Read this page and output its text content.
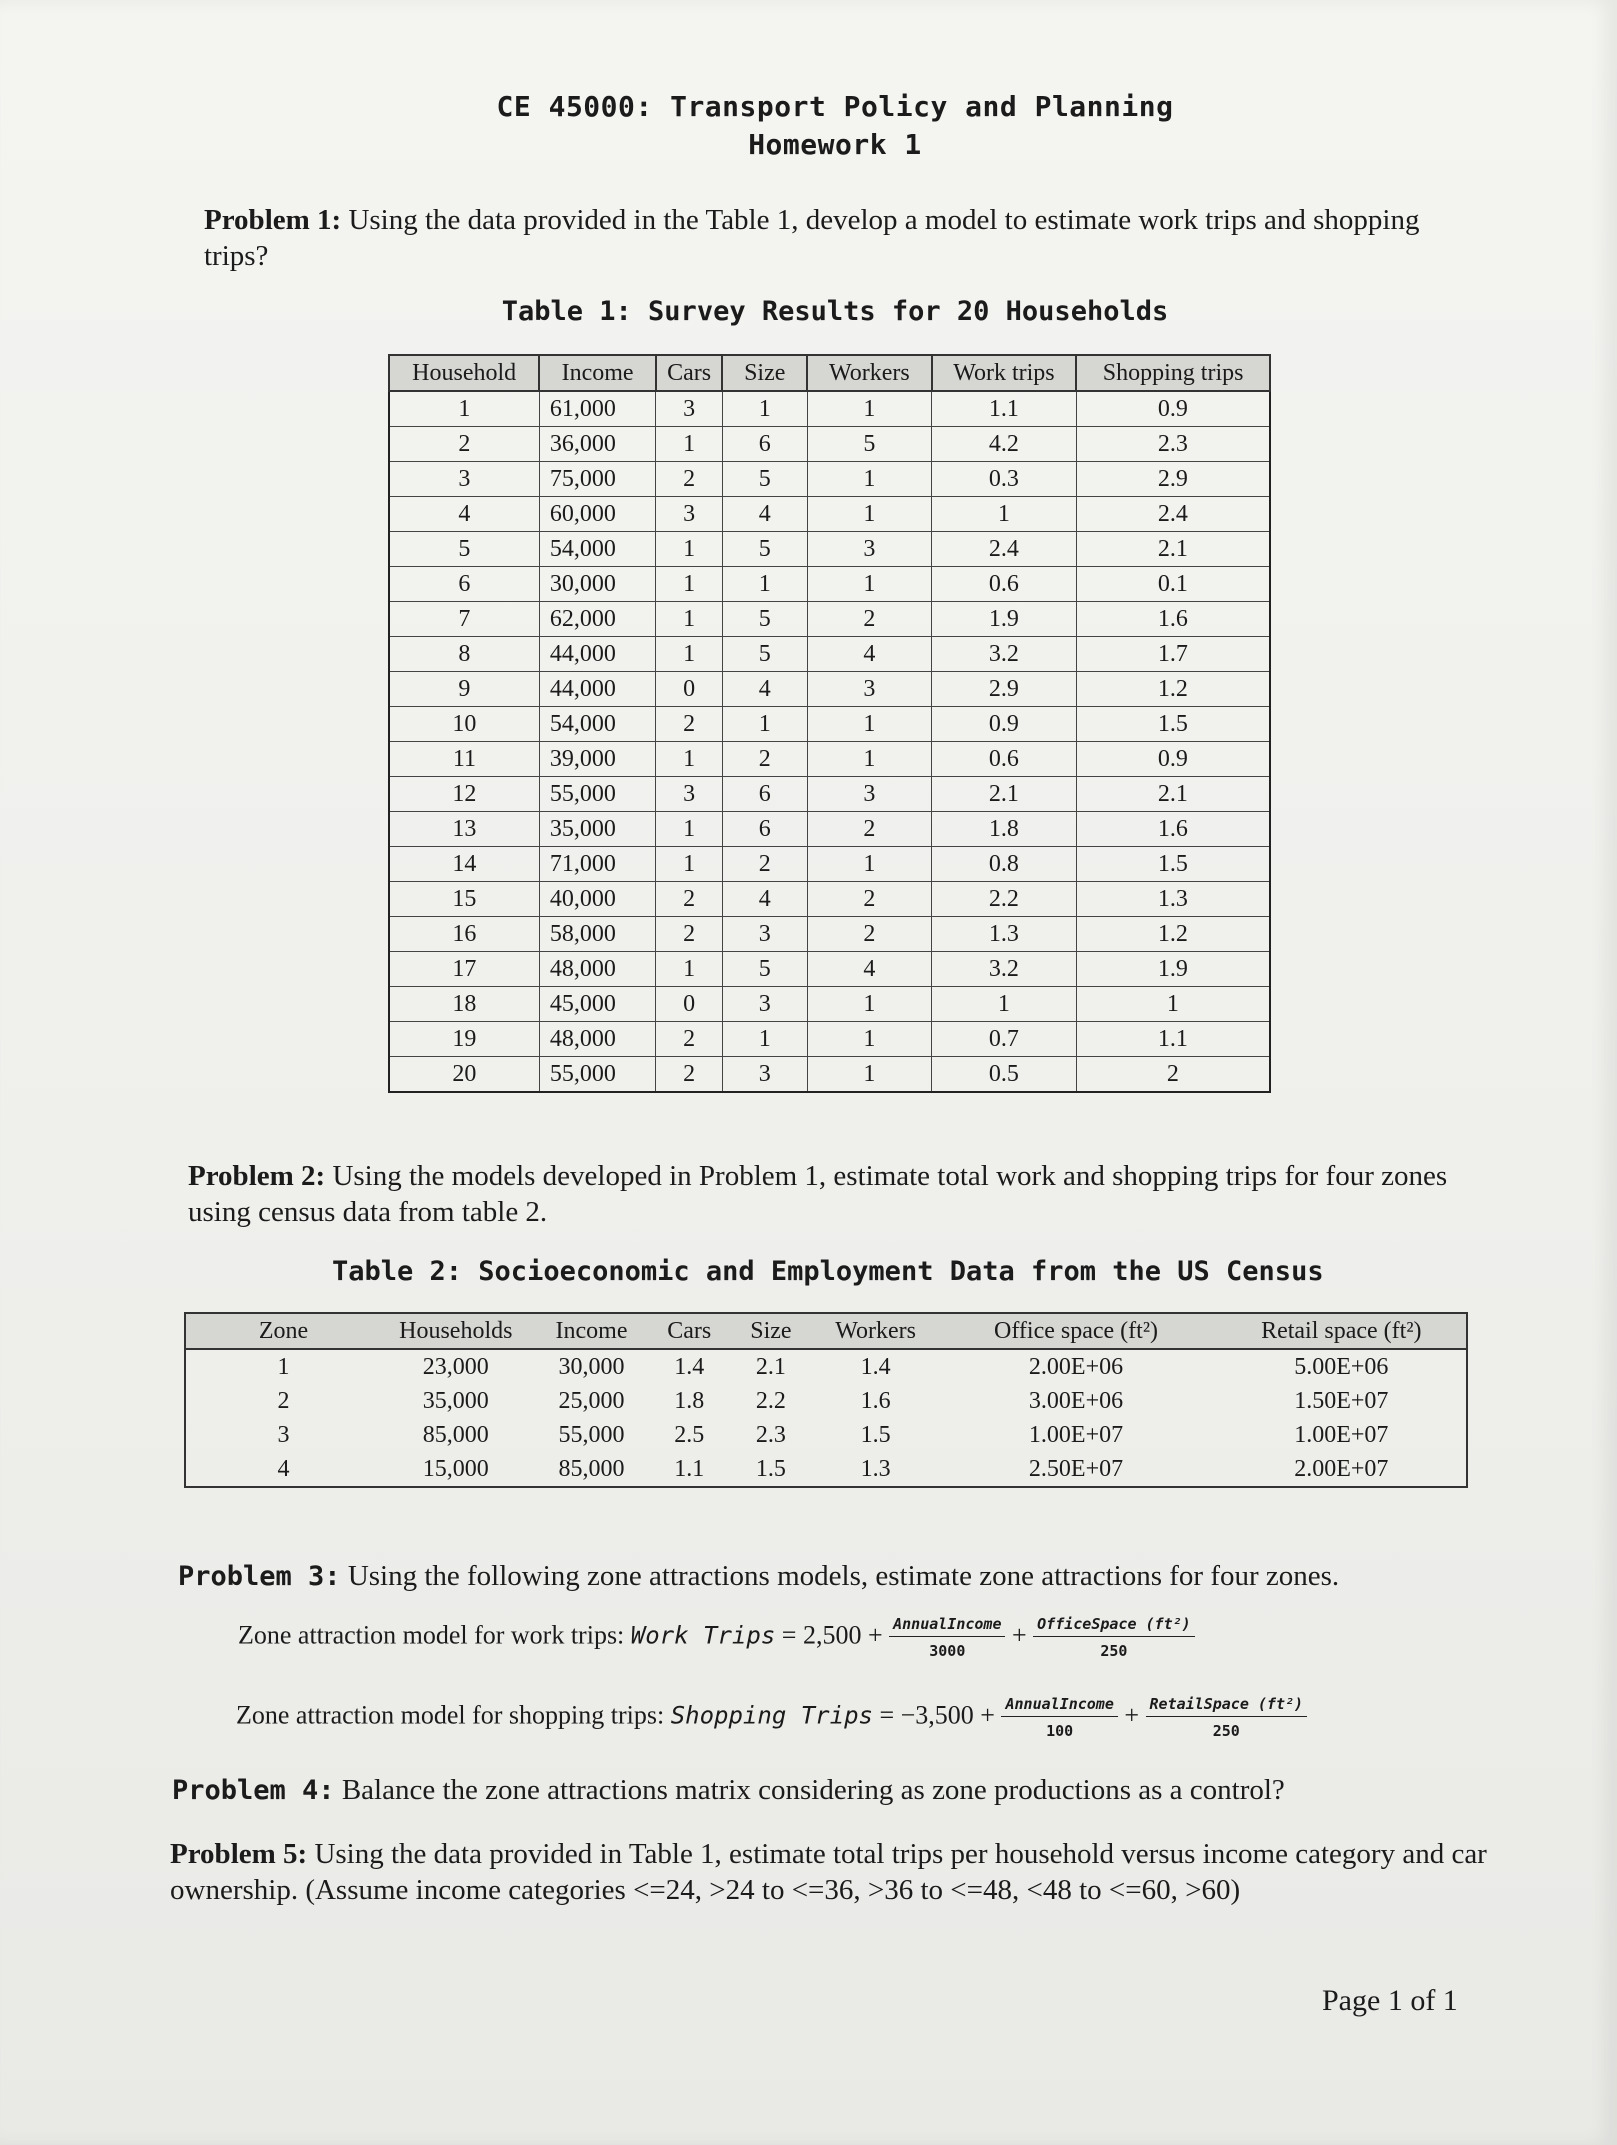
CE 45000: Transport Policy and Planning
Homework 1
Problem 1: Using the data provided in the Table 1, develop a model to estimate work trips and shopping trips?
Table 1: Survey Results for 20 Households
Household	Income	Cars	Size	Workers	Work trips	Shopping trips
1	61,000	3	1	1	1.1	0.9
2	36,000	1	6	5	4.2	2.3
3	75,000	2	5	1	0.3	2.9
4	60,000	3	4	1	1	2.4
5	54,000	1	5	3	2.4	2.1
6	30,000	1	1	1	0.6	0.1
7	62,000	1	5	2	1.9	1.6
8	44,000	1	5	4	3.2	1.7
9	44,000	0	4	3	2.9	1.2
10	54,000	2	1	1	0.9	1.5
11	39,000	1	2	1	0.6	0.9
12	55,000	3	6	3	2.1	2.1
13	35,000	1	6	2	1.8	1.6
14	71,000	1	2	1	0.8	1.5
15	40,000	2	4	2	2.2	1.3
16	58,000	2	3	2	1.3	1.2
17	48,000	1	5	4	3.2	1.9
18	45,000	0	3	1	1	1
19	48,000	2	1	1	0.7	1.1
20	55,000	2	3	1	0.5	2
Problem 2: Using the models developed in Problem 1, estimate total work and shopping trips for four zones using census data from table 2.
Table 2: Socioeconomic and Employment Data from the US Census
Zone	Households	Income	Cars	Size	Workers	Office space (ft²)	Retail space (ft²)
1	23,000	30,000	1.4	2.1	1.4	2.00E+06	5.00E+06
2	35,000	25,000	1.8	2.2	1.6	3.00E+06	1.50E+07
3	85,000	55,000	2.5	2.3	1.5	1.00E+07	1.00E+07
4	15,000	85,000	1.1	1.5	1.3	2.50E+07	2.00E+07
Problem 3: Using the following zone attractions models, estimate zone attractions for four zones.
Zone attraction model for work trips: Work Trips = $2,500 + \frac{\text{AnnualIncome}}{3000} + \frac{\text{OfficeSpace (ft²)}}{250}$
Zone attraction model for shopping trips: Shopping Trips = $-3,500 + \frac{\text{AnnualIncome}}{100} + \frac{\text{RetailSpace (ft²)}}{250}$
Problem 4: Balance the zone attractions matrix considering as zone productions as a control?
Problem 5: Using the data provided in Table 1, estimate total trips per household versus income category and car ownership. (Assume income categories <=24, >24 to <=36, >36 to <=48, <48 to <=60, >60)
Page 1 of 1
